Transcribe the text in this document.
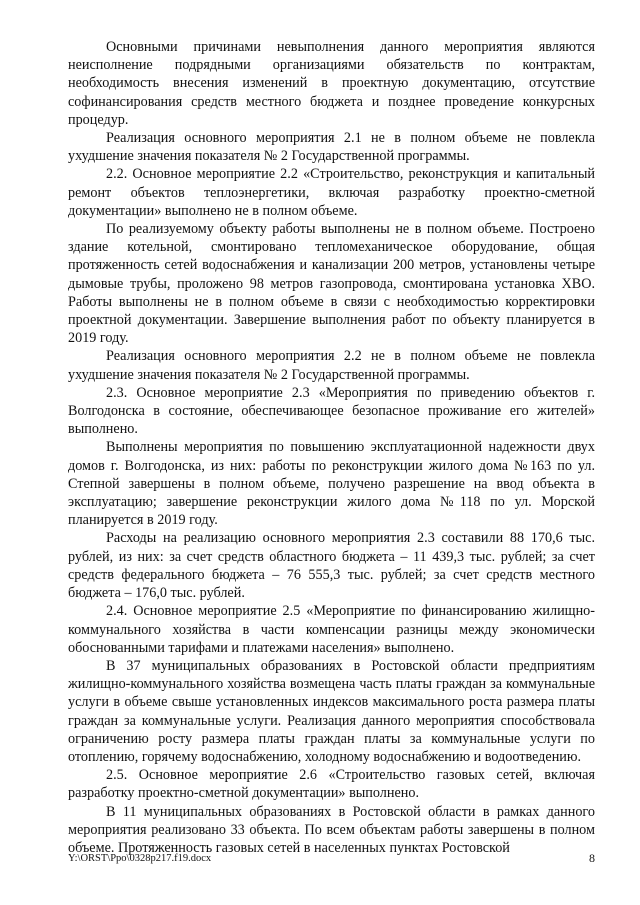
Основными причинами невыполнения данного мероприятия являются неисполнение подрядными организациями обязательств по контрактам, необходимость внесения изменений в проектную документацию, отсутствие софинансирования средств местного бюджета и позднее проведение конкурсных процедур.

Реализация основного мероприятия 2.1 не в полном объеме не повлекла ухудшение значения показателя № 2 Государственной программы.

2.2. Основное мероприятие 2.2 «Строительство, реконструкция и капитальный ремонт объектов теплоэнергетики, включая разработку проектно-сметной документации» выполнено не в полном объеме.

По реализуемому объекту работы выполнены не в полном объеме. Построено здание котельной, смонтировано тепломеханическое оборудование, общая протяженность сетей водоснабжения и канализации 200 метров, установлены четыре дымовые трубы, проложено 98 метров газопровода, смонтирована установка ХВО. Работы выполнены не в полном объеме в связи с необходимостью корректировки проектной документации. Завершение выполнения работ по объекту планируется в 2019 году.

Реализация основного мероприятия 2.2 не в полном объеме не повлекла ухудшение значения показателя № 2 Государственной программы.

2.3. Основное мероприятие 2.3 «Мероприятия по приведению объектов г. Волгодонска в состояние, обеспечивающее безопасное проживание его жителей» выполнено.

Выполнены мероприятия по повышению эксплуатационной надежности двух домов г. Волгодонска, из них: работы по реконструкции жилого дома №163 по ул. Степной завершены в полном объеме, получено разрешение на ввод объекта в эксплуатацию; завершение реконструкции жилого дома №118 по ул. Морской планируется в 2019 году.

Расходы на реализацию основного мероприятия 2.3 составили 88 170,6 тыс. рублей, из них: за счет средств областного бюджета – 11 439,3 тыс. рублей; за счет средств федерального бюджета – 76 555,3 тыс. рублей; за счет средств местного бюджета – 176,0 тыс. рублей.

2.4. Основное мероприятие 2.5 «Мероприятие по финансированию жилищно-коммунального хозяйства в части компенсации разницы между экономически обоснованными тарифами и платежами населения» выполнено.

В 37 муниципальных образованиях в Ростовской области предприятиям жилищно-коммунального хозяйства возмещена часть платы граждан за коммунальные услуги в объеме свыше установленных индексов максимального роста размера платы граждан за коммунальные услуги. Реализация данного мероприятия способствовала ограничению росту размера платы граждан платы за коммунальные услуги по отоплению, горячему водоснабжению, холодному водоснабжению и водоотведению.

2.5. Основное мероприятие 2.6 «Строительство газовых сетей, включая разработку проектно-сметной документации» выполнено.

В 11 муниципальных образованиях в Ростовской области в рамках данного мероприятия реализовано 33 объекта. По всем объектам работы завершены в полном объеме. Протяженность газовых сетей в населенных пунктах Ростовской

Y:\ORST\Ppo\0328p217.f19.docx	8
